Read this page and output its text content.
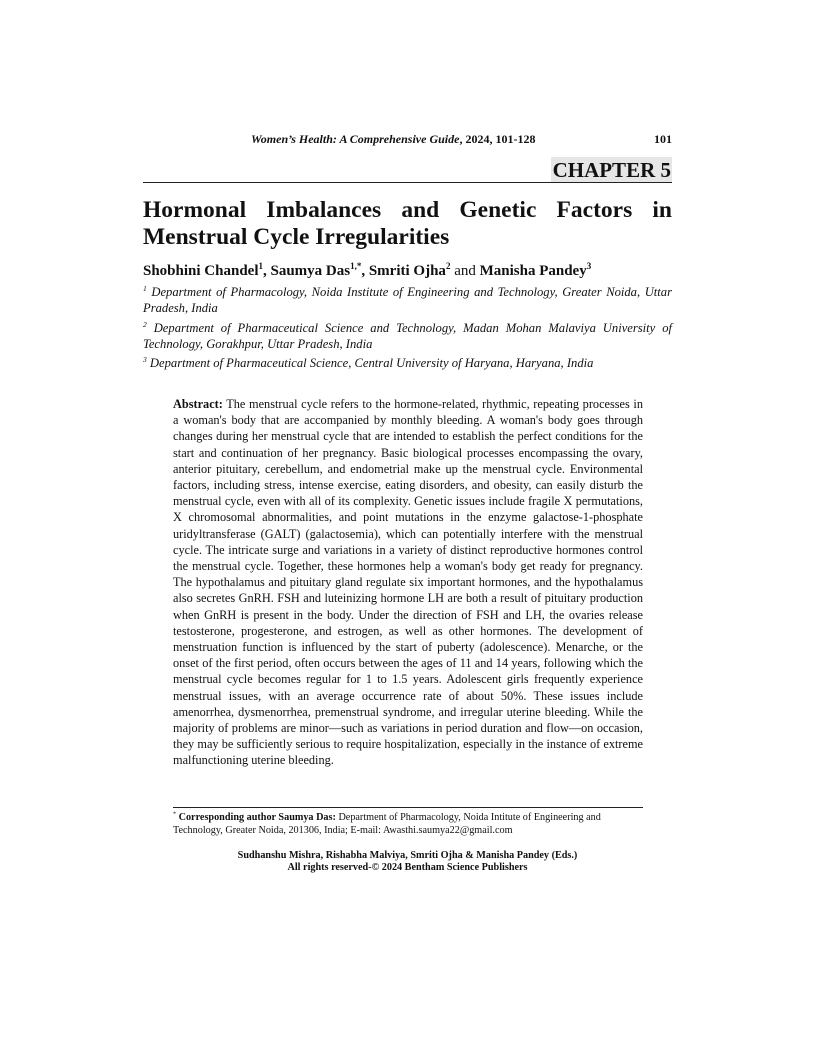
Women’s Health: A Comprehensive Guide, 2024, 101-128	101
CHAPTER 5
Hormonal Imbalances and Genetic Factors in
Menstrual Cycle Irregularities
Shobhini Chandel$^1$, Saumya Das$^{1,*}$, Smriti Ojha$^2$ and Manisha Pandey$^3$
$^1$ Department of Pharmacology, Noida Institute of Engineering and Technology, Greater Noida, Uttar Pradesh, India
$^2$ Department of Pharmaceutical Science and Technology, Madan Mohan Malaviya University of Technology, Gorakhpur, Uttar Pradesh, India
$^3$ Department of Pharmaceutical Science, Central University of Haryana, Haryana, India
Abstract: The menstrual cycle refers to the hormone-related, rhythmic, repeating processes in a woman's body that are accompanied by monthly bleeding. A woman's body goes through changes during her menstrual cycle that are intended to establish the perfect conditions for the start and continuation of her pregnancy. Basic biological processes encompassing the ovary, anterior pituitary, cerebellum, and endometrial make up the menstrual cycle. Environmental factors, including stress, intense exercise, eating disorders, and obesity, can easily disturb the menstrual cycle, even with all of its complexity. Genetic issues include fragile X permutations, X chromosomal abnormalities, and point mutations in the enzyme galactose-1-phosphate uridyltransferase (GALT) (galactosemia), which can potentially interfere with the menstrual cycle. The intricate surge and variations in a variety of distinct reproductive hormones control the menstrual cycle. Together, these hormones help a woman's body get ready for pregnancy. The hypothalamus and pituitary gland regulate six important hormones, and the hypothalamus also secretes GnRH. FSH and luteinizing hormone LH are both a result of pituitary production when GnRH is present in the body. Under the direction of FSH and LH, the ovaries release testosterone, progesterone, and estrogen, as well as other hormones. The development of menstruation function is influenced by the start of puberty (adolescence). Menarche, or the onset of the first period, often occurs between the ages of 11 and 14 years, following which the menstrual cycle becomes regular for 1 to 1.5 years. Adolescent girls frequently experience menstrual issues, with an average occurrence rate of about 50%. These issues include amenorrhea, dysmenorrhea, premenstrual syndrome, and irregular uterine bleeding. While the majority of problems are minor—such as variations in period duration and flow—on occasion, they may be sufficiently serious to require hospitalization, especially in the instance of extreme malfunctioning uterine bleeding.
* Corresponding author Saumya Das: Department of Pharmacology, Noida Intitute of Engineering and Technology, Greater Noida, 201306, India; E-mail: Awasthi.saumya22@gmail.com
Sudhanshu Mishra, Rishabha Malviya, Smriti Ojha & Manisha Pandey (Eds.)
All rights reserved-© 2024 Bentham Science Publishers
